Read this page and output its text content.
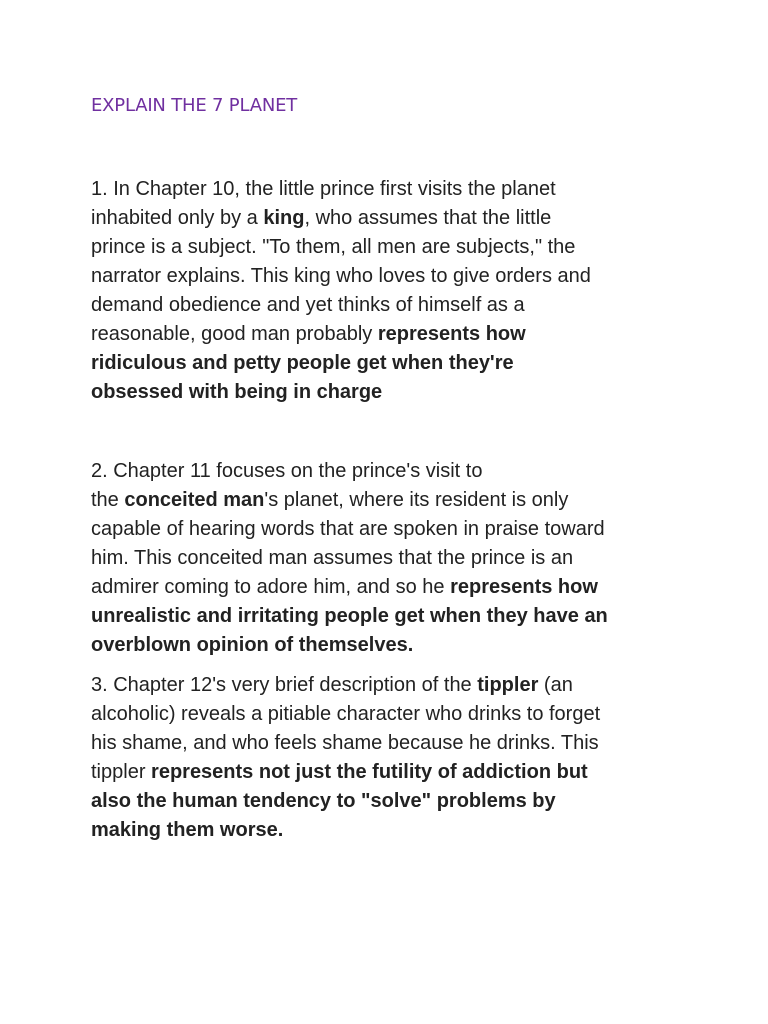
EXPLAIN THE 7 PLANET
1. In Chapter 10, the little prince first visits the planet
inhabited only by a king, who assumes that the little
prince is a subject. "To them, all men are subjects," the
narrator explains. This king who loves to give orders and
demand obedience and yet thinks of himself as a
reasonable, good man probably represents how
ridiculous and petty people get when they're
obsessed with being in charge
2. Chapter 11 focuses on the prince's visit to
the conceited man's planet, where its resident is only
capable of hearing words that are spoken in praise toward
him. This conceited man assumes that the prince is an
admirer coming to adore him, and so he represents how
unrealistic and irritating people get when they have an
overblown opinion of themselves.
3. Chapter 12's very brief description of the tippler (an
alcoholic) reveals a pitiable character who drinks to forget
his shame, and who feels shame because he drinks. This
tippler represents not just the futility of addiction but
also the human tendency to "solve" problems by
making them worse.
